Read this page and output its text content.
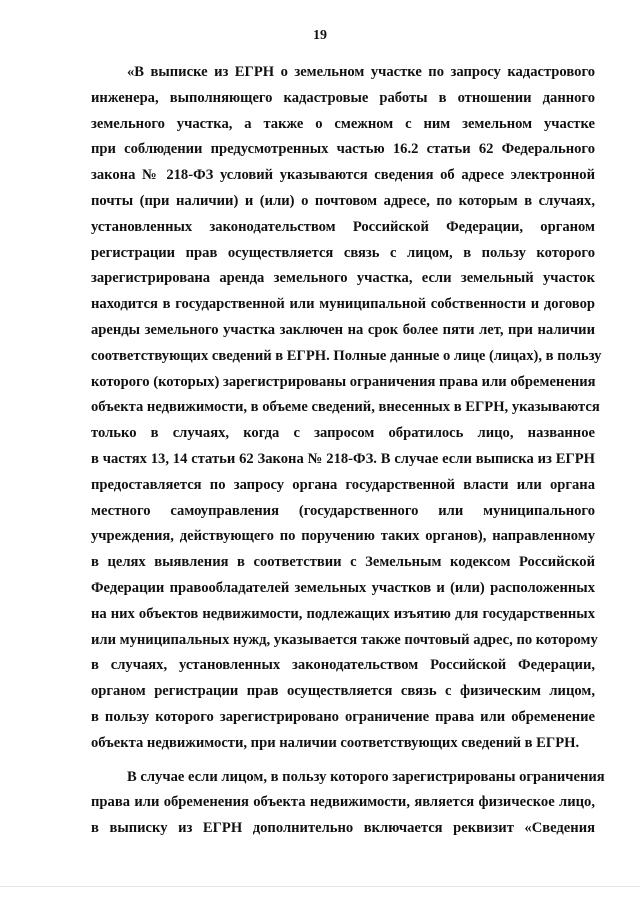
19
«В выписке из ЕГРН о земельном участке по запросу кадастрового
инженера, выполняющего кадастровые работы в отношении данного
земельного участка, а также о смежном с ним земельном участке
при соблюдении предусмотренных частью 16.2 статьи 62 Федерального
закона № 218-ФЗ условий указываются сведения об адресе электронной
почты (при наличии) и (или) о почтовом адресе, по которым в случаях,
установленных законодательством Российской Федерации, органом
регистрации прав осуществляется связь с лицом, в пользу которого
зарегистрирована аренда земельного участка, если земельный участок
находится в государственной или муниципальной собственности и договор
аренды земельного участка заключен на срок более пяти лет, при наличии
соответствующих сведений в ЕГРН. Полные данные о лице (лицах), в пользу
которого (которых) зарегистрированы ограничения права или обременения
объекта недвижимости, в объеме сведений, внесенных в ЕГРН, указываются
только в случаях, когда с запросом обратилось лицо, названное
в частях 13, 14 статьи 62 Закона № 218-ФЗ. В случае если выписка из ЕГРН
предоставляется по запросу органа государственной власти или органа
местного самоуправления (государственного или муниципального
учреждения, действующего по поручению таких органов), направленному
в целях выявления в соответствии с Земельным кодексом Российской
Федерации правообладателей земельных участков и (или) расположенных
на них объектов недвижимости, подлежащих изъятию для государственных
или муниципальных нужд, указывается также почтовый адрес, по которому
в случаях, установленных законодательством Российской Федерации,
органом регистрации прав осуществляется связь с физическим лицом,
в пользу которого зарегистрировано ограничение права или обременение
объекта недвижимости, при наличии соответствующих сведений в ЕГРН.
В случае если лицом, в пользу которого зарегистрированы ограничения
права или обременения объекта недвижимости, является физическое лицо,
в выписку из ЕГРН дополнительно включается реквизит «Сведения
